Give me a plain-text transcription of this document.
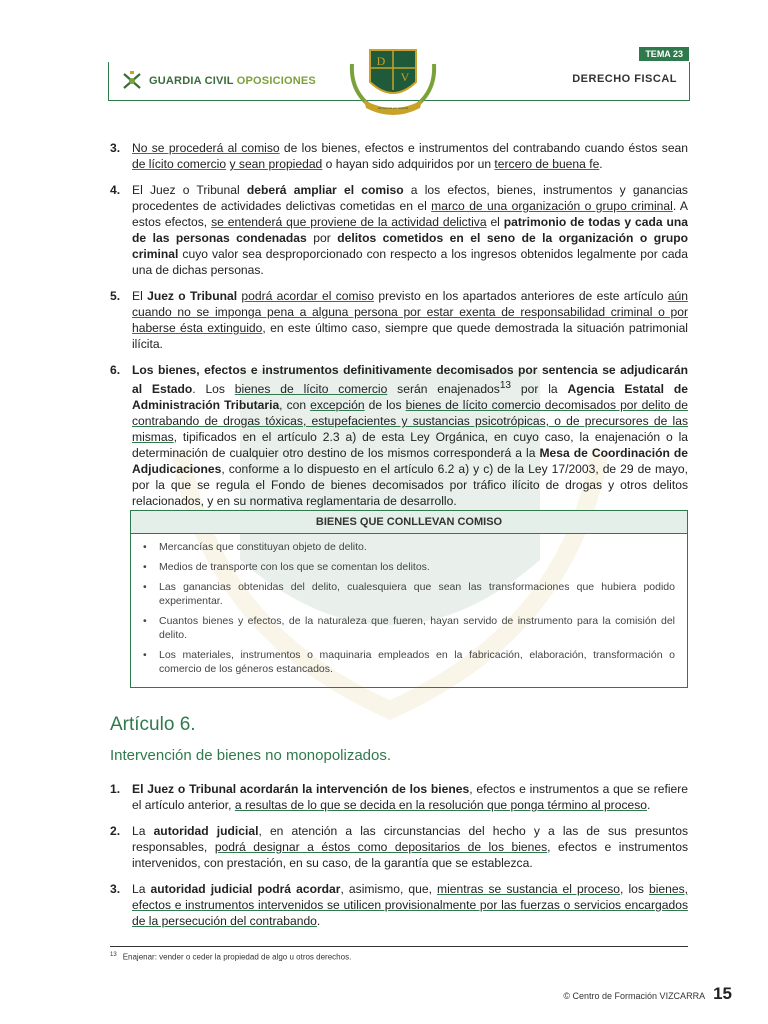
GUARDIA CIVIL OPOSICIONES
TEMA 23
DERECHO FISCAL
D
V
Ad augusta per angusta
3. No se procederá al comiso de los bienes, efectos e instrumentos del contrabando cuando éstos sean de lícito comercio y sean propiedad o hayan sido adquiridos por un tercero de buena fe.
4. El Juez o Tribunal deberá ampliar el comiso a los efectos, bienes, instrumentos y ganancias procedentes de actividades delictivas cometidas en el marco de una organización o grupo criminal. A estos efectos, se entenderá que proviene de la actividad delictiva el patrimonio de todas y cada una de las personas condenadas por delitos cometidos en el seno de la organización o grupo criminal cuyo valor sea desproporcionado con respecto a los ingresos obtenidos legalmente por cada una de dichas personas.
5. El Juez o Tribunal podrá acordar el comiso previsto en los apartados anteriores de este artículo aún cuando no se imponga pena a alguna persona por estar exenta de responsabilidad criminal o por haberse ésta extinguido, en este último caso, siempre que quede demostrada la situación patrimonial ilícita.
6. Los bienes, efectos e instrumentos definitivamente decomisados por sentencia se adjudicarán al Estado. Los bienes de lícito comercio serán enajenados$^{13}$ por la Agencia Estatal de Administración Tributaria, con excepción de los bienes de lícito comercio decomisados por delito de contrabando de drogas tóxicas, estupefacientes y sustancias psicotrópicas, o de precursores de las mismas, tipificados en el artículo 2.3 a) de esta Ley Orgánica, en cuyo caso, la enajenación o la determinación de cualquier otro destino de los mismos corresponderá a la Mesa de Coordinación de Adjudicaciones, conforme a lo dispuesto en el artículo 6.2 a) y c) de la Ley 17/2003, de 29 de mayo, por la que se regula el Fondo de bienes decomisados por tráfico ilícito de drogas y otros delitos relacionados, y en su normativa reglamentaria de desarrollo.
BIENES QUE CONLLEVAN COMISO
• Mercancías que constituyan objeto de delito.
• Medios de transporte con los que se comentan los delitos.
• Las ganancias obtenidas del delito, cualesquiera que sean las transformaciones que hubiera podido experimentar.
• Cuantos bienes y efectos, de la naturaleza que fueren, hayan servido de instrumento para la comisión del delito.
• Los materiales, instrumentos o maquinaria empleados en la fabricación, elaboración, transformación o comercio de los géneros estancados.
Artículo 6.
Intervención de bienes no monopolizados.
1. El Juez o Tribunal acordarán la intervención de los bienes, efectos e instrumentos a que se refiere el artículo anterior, a resultas de lo que se decida en la resolución que ponga término al proceso.
2. La autoridad judicial, en atención a las circunstancias del hecho y a las de sus presuntos responsables, podrá designar a éstos como depositarios de los bienes, efectos e instrumentos intervenidos, con prestación, en su caso, de la garantía que se establezca.
3. La autoridad judicial podrá acordar, asimismo, que, mientras se sustancia el proceso, los bienes, efectos e instrumentos intervenidos se utilicen provisionalmente por las fuerzas o servicios encargados de la persecución del contrabando.
$^{13}$ Enajenar: vender o ceder la propiedad de algo u otros derechos.
© Centro de Formación VIZCARRA 15
